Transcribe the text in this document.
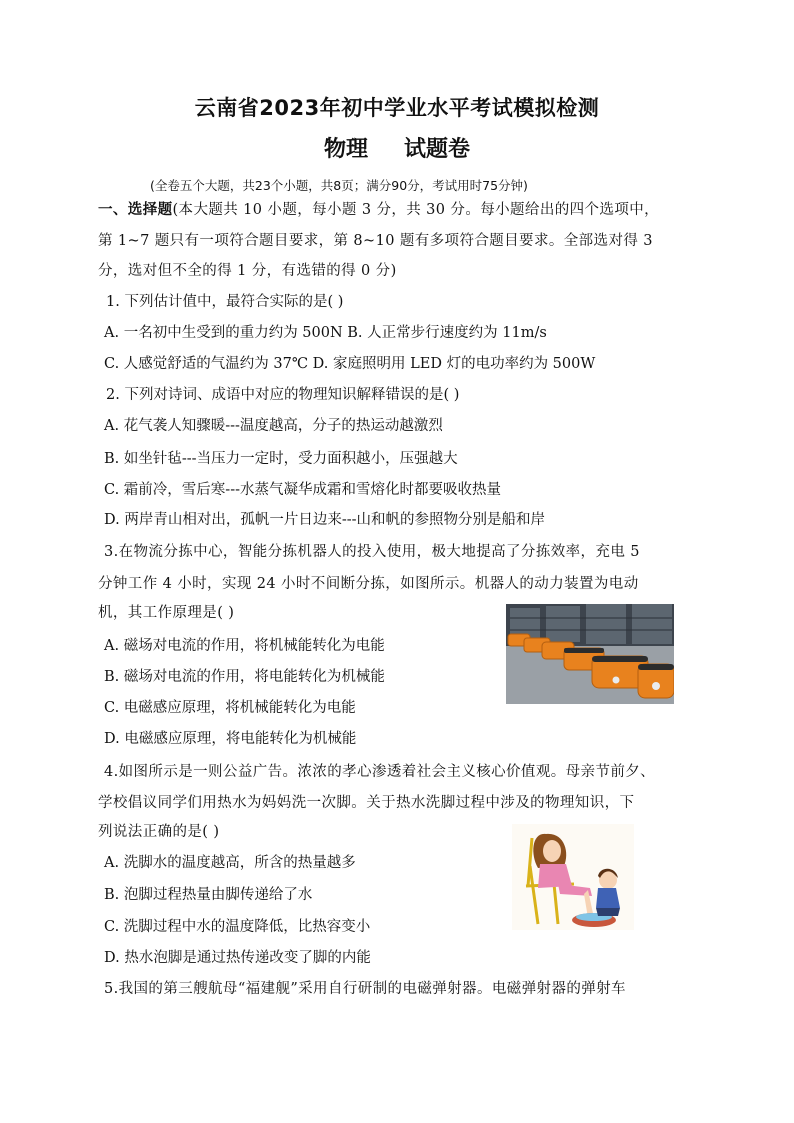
云南省2023年初中学业水平考试模拟检测
物理 试题卷
(全卷五个大题，共23个小题，共8页；满分90分，考试用时75分钟)
一、选择题(本大题共 10 小题，每小题 3 分，共 30 分。每小题给出的四个选项中，
第 1~7 题只有一项符合题目要求，第 8~10 题有多项符合题目要求。全部选对得 3
分，选对但不全的得 1 分，有选错的得 0 分)
1. 下列估计值中，最符合实际的是( )
A. 一名初中生受到的重力约为 500N B. 人正常步行速度约为 11m/s
C. 人感觉舒适的气温约为 37℃ D. 家庭照明用 LED 灯的电功率约为 500W
2. 下列对诗词、成语中对应的物理知识解释错误的是( )
A. 花气袭人知骤暖---温度越高，分子的热运动越激烈
B. 如坐针毡---当压力一定时，受力面积越小，压强越大
C. 霜前冷，雪后寒---水蒸气凝华成霜和雪熔化时都要吸收热量
D. 两岸青山相对出，孤帆一片日边来---山和帆的参照物分别是船和岸
3.在物流分拣中心，智能分拣机器人的投入使用，极大地提高了分拣效率，充电 5
分钟工作 4 小时，实现 24 小时不间断分拣，如图所示。机器人的动力装置为电动
机，其工作原理是( )
A. 磁场对电流的作用，将机械能转化为电能
B. 磁场对电流的作用，将电能转化为机械能
C. 电磁感应原理，将机械能转化为电能
D. 电磁感应原理，将电能转化为机械能
4.如图所示是一则公益广告。浓浓的孝心渗透着社会主义核心价值观。母亲节前夕、
学校倡议同学们用热水为妈妈洗一次脚。关于热水洗脚过程中涉及的物理知识，下
列说法正确的是( )
A. 洗脚水的温度越高，所含的热量越多
B. 泡脚过程热量由脚传递给了水
C. 洗脚过程中水的温度降低，比热容变小
D. 热水泡脚是通过热传递改变了脚的内能
5.我国的第三艘航母“福建舰”采用自行研制的电磁弹射器。电磁弹射器的弹射车
